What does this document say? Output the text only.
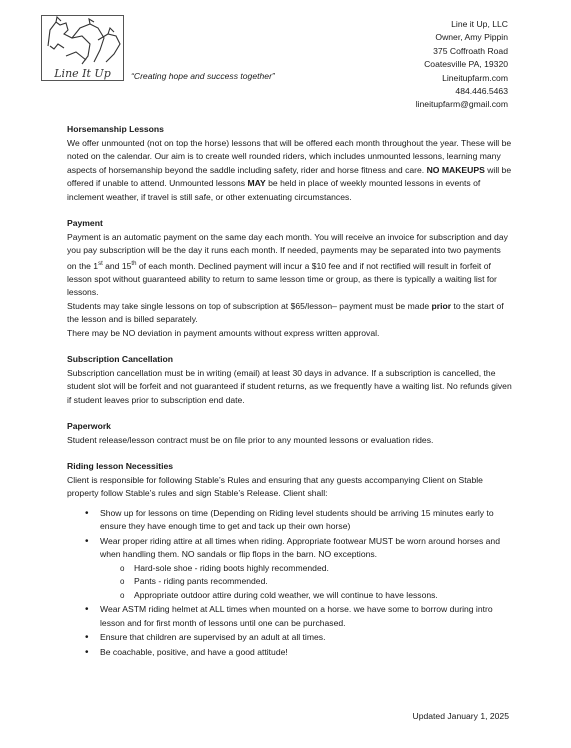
Line It Up	“Creating hope and success together”
Line it Up, LLC
Owner, Amy Pippin
375 Coffroath Road
Coatesville PA, 19320
Lineitupfarm.com
484.446.5463
lineitupfarm@gmail.com
Horsemanship Lessons

We offer unmounted (not on top the horse) lessons that will be offered each month throughout the year. These will be noted on the calendar. Our aim is to create well rounded riders, which includes unmounted lessons, learning many aspects of horsemanship beyond the saddle including safety, rider and horse fitness and care. NO MAKEUPS will be offered if unable to attend. Unmounted lessons MAY be held in place of weekly mounted lessons in events of inclement weather, if travel is still safe, or other extenuating circumstances.

Payment

Payment is an automatic payment on the same day each month. You will receive an invoice for subscription and day you pay subscription will be the day it runs each month. If needed, payments may be separated into two payments on the 1st and 15th of each month. Declined payment will incur a $10 fee and if not rectified will result in forfeit of lesson spot without guaranteed ability to return to same lesson time or group, as there is typically a waiting list for lessons.

Students may take single lessons on top of subscription at $65/lesson– payment must be made prior to the start of the lesson and is billed separately.

There may be NO deviation in payment amounts without express written approval.

Subscription Cancellation

Subscription cancellation must be in writing (email) at least 30 days in advance. If a subscription is cancelled, the student slot will be forfeit and not guaranteed if student returns, as we frequently have a waiting list. No refunds given if student leaves prior to subscription end date.

Paperwork

Student release/lesson contract must be on file prior to any mounted lessons or evaluation rides.

Riding lesson Necessities

Client is responsible for following Stable’s Rules and ensuring that any guests accompanying Client on Stable property follow Stable’s rules and sign Stable’s Release. Client shall:

• Show up for lessons on time (Depending on Riding level students should be arriving 15 minutes early to ensure they have enough time to get and tack up their own horse)
• Wear proper riding attire at all times when riding. Appropriate footwear MUST be worn around horses and when handling them. NO sandals or flip flops in the barn. NO exceptions.
o Hard-sole shoe - riding boots highly recommended.
o Pants - riding pants recommended.
o Appropriate outdoor attire during cold weather, we will continue to have lessons.
• Wear ASTM riding helmet at ALL times when mounted on a horse. we have some to borrow during intro lesson and for first month of lessons until one can be purchased.
• Ensure that children are supervised by an adult at all times.
• Be coachable, positive, and have a good attitude!
Updated January 1, 2025
